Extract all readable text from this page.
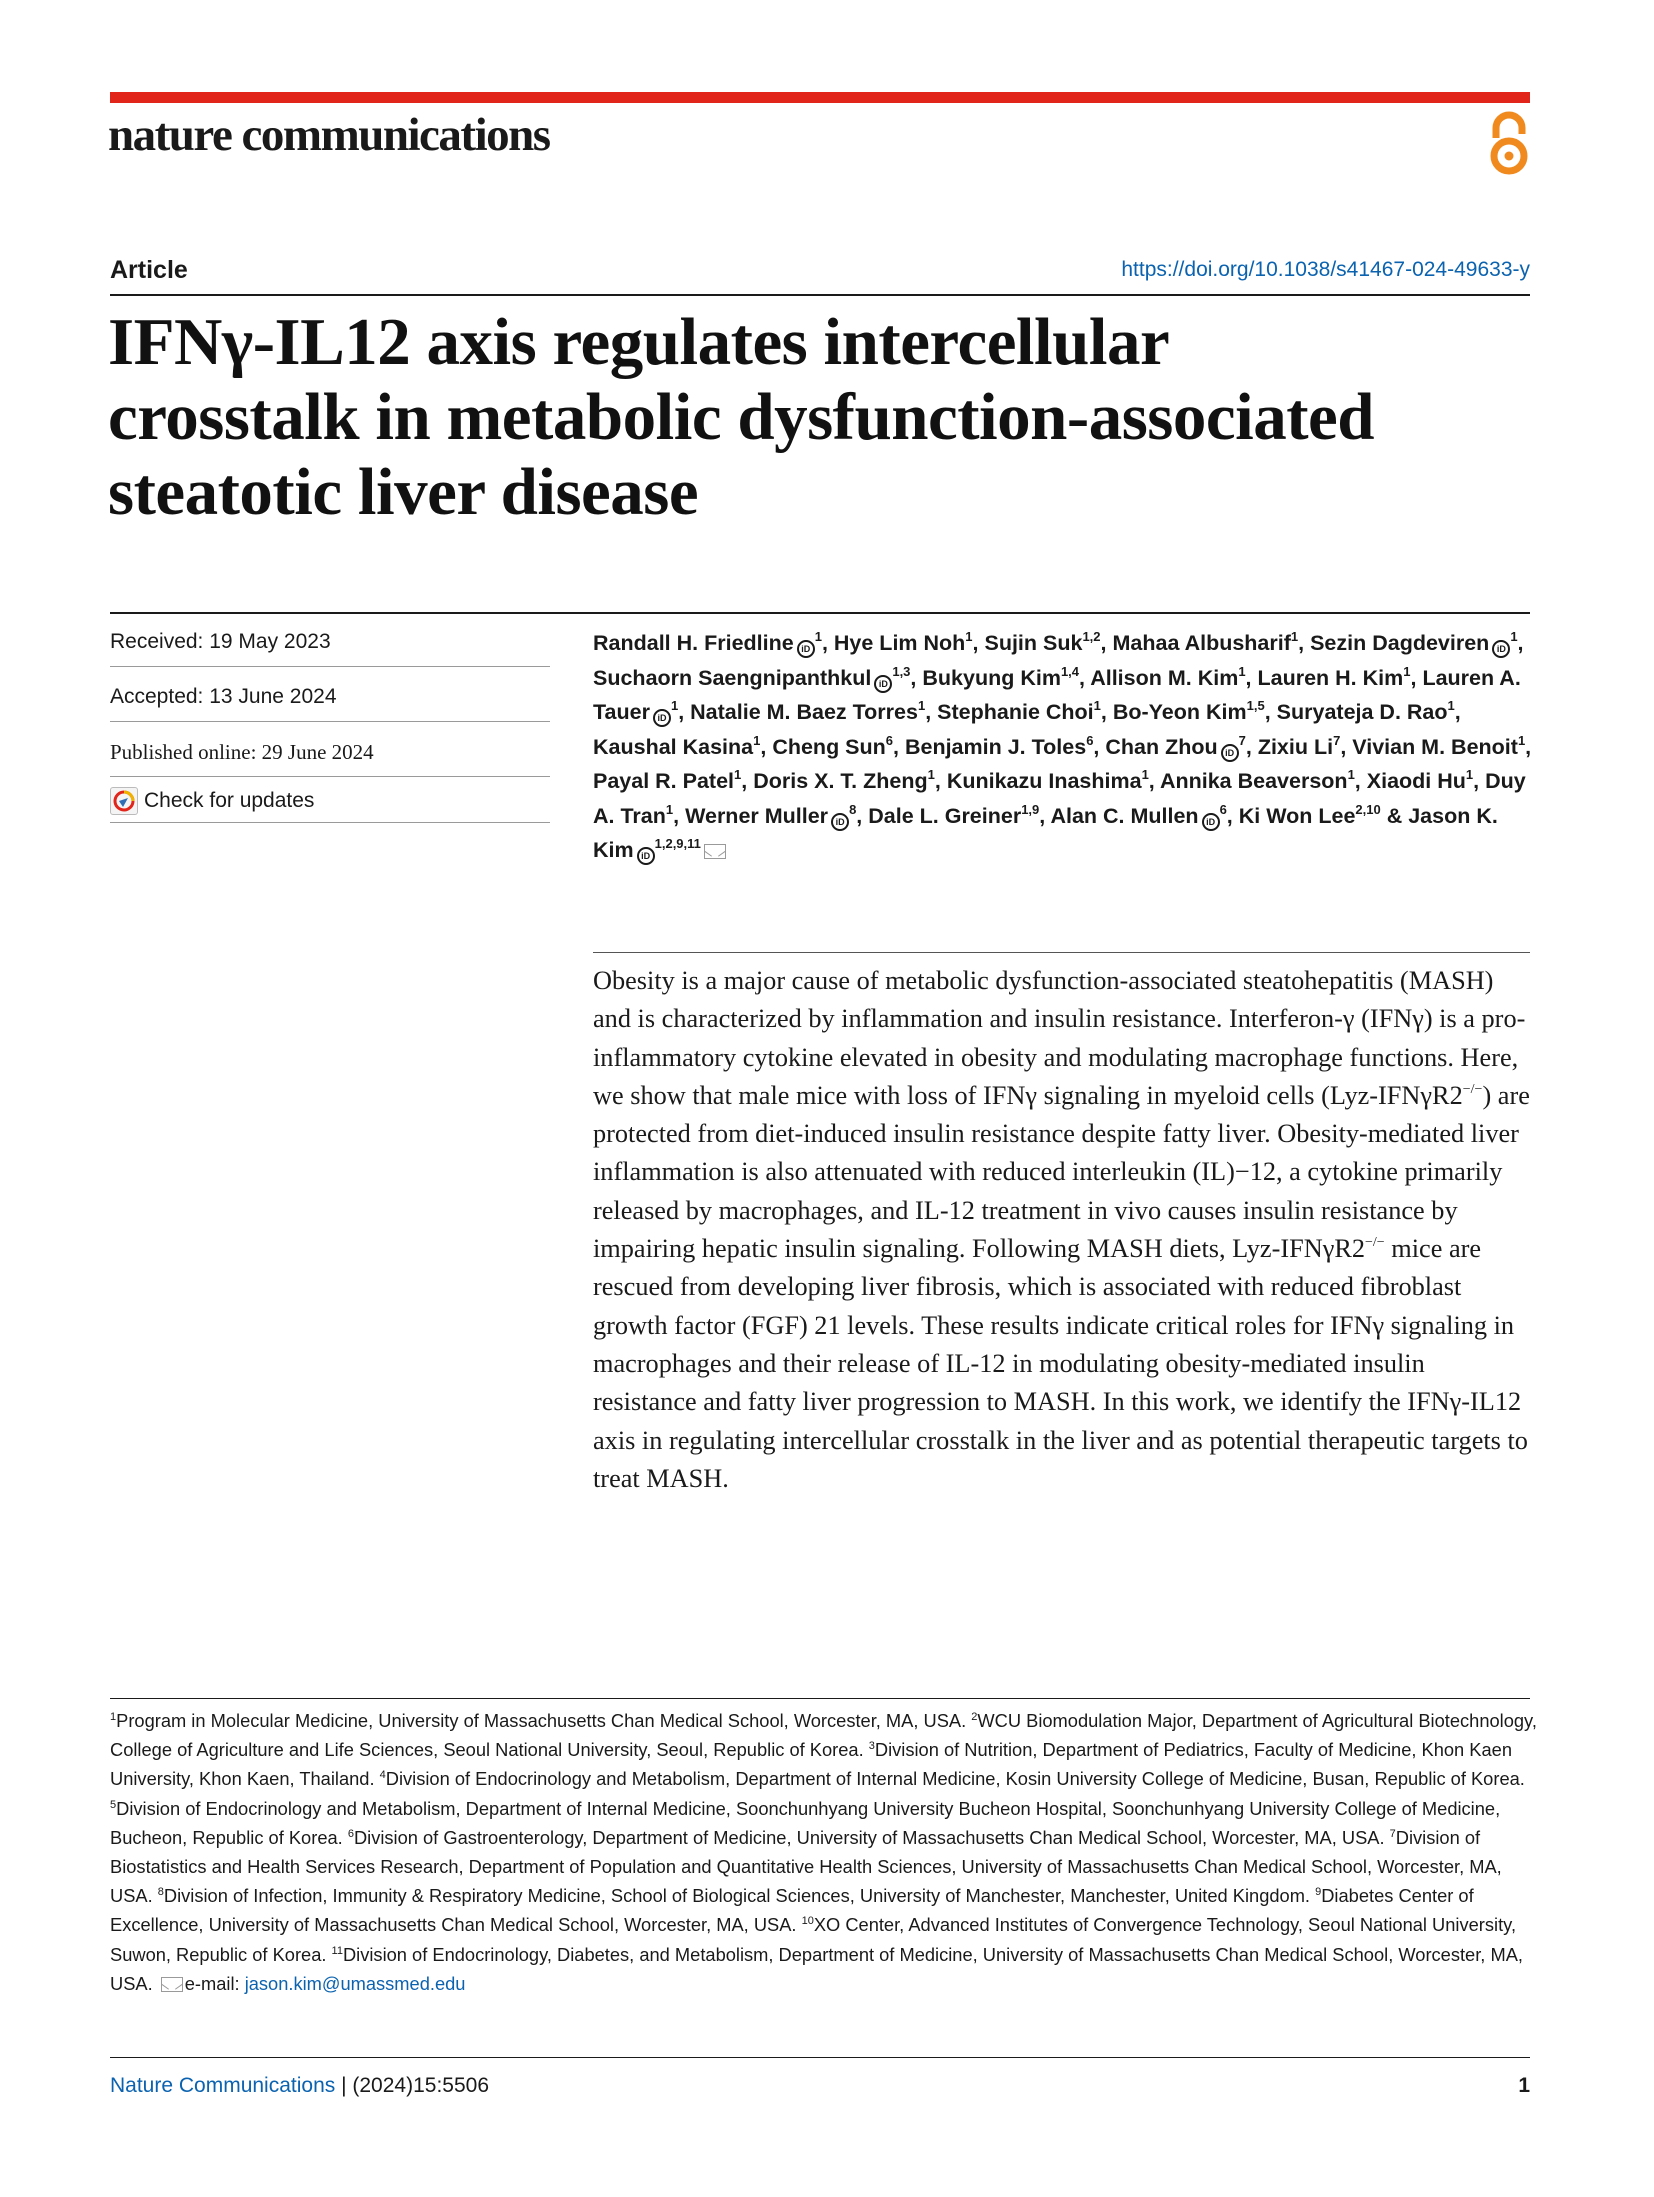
nature communications
Article	https://doi.org/10.1038/s41467-024-49633-y
IFNγ-IL12 axis regulates intercellular crosstalk in metabolic dysfunction-associated steatotic liver disease
Received: 19 May 2023
Accepted: 13 June 2024
Published online: 29 June 2024
Check for updates
Randall H. Friedline $iD^1$, Hye Lim Noh$^1$, Sujin Suk$^{1,2}$, Mahaa Albusharif$^1$, Sezin Dagdeviren $iD^1$, Suchaorn Saengnipanthkul iD$^{1,3}$, Bukyung Kim$^{1,4}$, Allison M. Kim$^1$, Lauren H. Kim$^1$, Lauren A. Tauer $iD^1$, Natalie M. Baez Torres$^1$, Stephanie Choi$^1$, Bo-Yeon Kim$^{1,5}$, Suryateja D. Rao$^1$, Kaushal Kasina$^1$, Cheng Sun$^6$, Benjamin J. Toles$^6$, Chan Zhou $iD^7$, Zixiu Li$^7$, Vivian M. Benoit$^1$, Payal R. Patel$^1$, Doris X. T. Zheng$^1$, Kunikazu Inashima$^1$, Annika Beaverson$^1$, Xiaodi Hu$^1$, Duy A. Tran$^1$, Werner Muller $iD^8$, Dale L. Greiner$^{1,9}$, Alan C. Mullen $iD^6$, Ki Won Lee$^{2,10}$ & Jason K. Kim iD$^{1,2,9,11}$
Obesity is a major cause of metabolic dysfunction-associated steatohepatitis (MASH) and is characterized by inflammation and insulin resistance. Interferon-γ (IFNγ) is a pro-inflammatory cytokine elevated in obesity and modulating macrophage functions. Here, we show that male mice with loss of IFNγ signaling in myeloid cells (Lyz-IFNγR2−/−) are protected from diet-induced insulin resistance despite fatty liver. Obesity-mediated liver inflammation is also attenuated with reduced interleukin (IL)−12, a cytokine primarily released by macrophages, and IL-12 treatment in vivo causes insulin resistance by impairing hepatic insulin signaling. Following MASH diets, Lyz-IFNγR2−/− mice are rescued from developing liver fibrosis, which is associated with reduced fibroblast growth factor (FGF) 21 levels. These results indicate critical roles for IFNγ signaling in macrophages and their release of IL-12 in modulating obesity-mediated insulin resistance and fatty liver progression to MASH. In this work, we identify the IFNγ-IL12 axis in regulating intercellular crosstalk in the liver and as potential therapeutic targets to treat MASH.
$^1$Program in Molecular Medicine, University of Massachusetts Chan Medical School, Worcester, MA, USA. $^2$WCU Biomodulation Major, Department of Agricultural Biotechnology, College of Agriculture and Life Sciences, Seoul National University, Seoul, Republic of Korea. $^3$Division of Nutrition, Department of Pediatrics, Faculty of Medicine, Khon Kaen University, Khon Kaen, Thailand. $^4$Division of Endocrinology and Metabolism, Department of Internal Medicine, Kosin University College of Medicine, Busan, Republic of Korea. $^5$Division of Endocrinology and Metabolism, Department of Internal Medicine, Soonchunhyang University Bucheon Hospital, Soonchunhyang University College of Medicine, Bucheon, Republic of Korea. $^6$Division of Gastroenterology, Department of Medicine, University of Massachusetts Chan Medical School, Worcester, MA, USA. $^7$Division of Biostatistics and Health Services Research, Department of Population and Quantitative Health Sciences, University of Massachusetts Chan Medical School, Worcester, MA, USA. $^8$Division of Infection, Immunity & Respiratory Medicine, School of Biological Sciences, University of Manchester, Manchester, United Kingdom. $^9$Diabetes Center of Excellence, University of Massachusetts Chan Medical School, Worcester, MA, USA. $^{10}$XO Center, Advanced Institutes of Convergence Technology, Seoul National University, Suwon, Republic of Korea. $^{11}$Division of Endocrinology, Diabetes, and Metabolism, Department of Medicine, University of Massachusetts Chan Medical School, Worcester, MA, USA. e-mail: jason.kim@umassmed.edu
Nature Communications | (2024)15:5506	1
